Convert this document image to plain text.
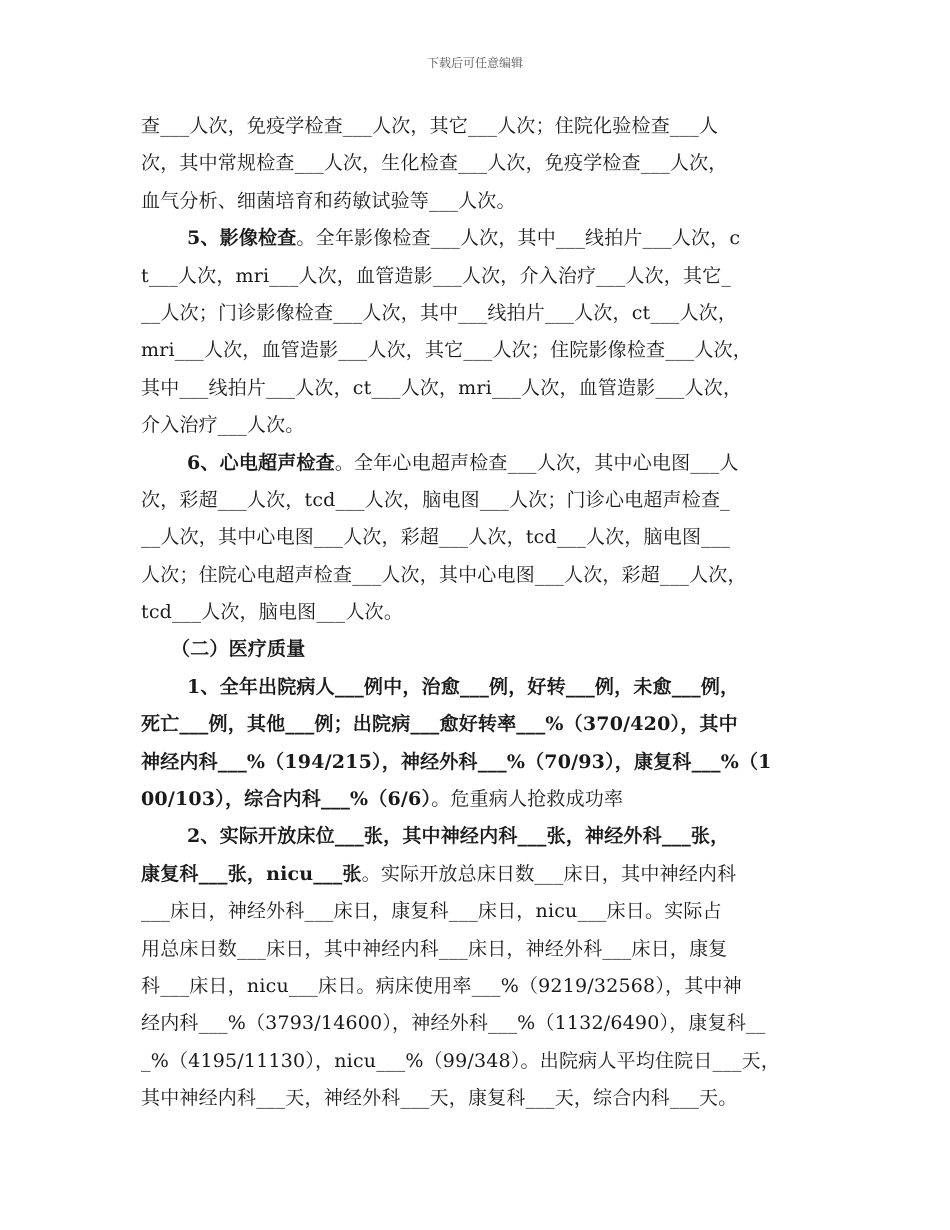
下载后可任意编辑
查___人次，免疫学检查___人次，其它___人次；住院化验检查___人
次，其中常规检查___人次，生化检查___人次，免疫学检查___人次，
血气分析、细菌培育和药敏试验等___人次。
5、影像检查。全年影像检查___人次，其中___线拍片___人次，c
t___人次，mri___人次，血管造影___人次，介入治疗___人次，其它_
__人次；门诊影像检查___人次，其中___线拍片___人次，ct___人次，
mri___人次，血管造影___人次，其它___人次；住院影像检查___人次，
其中___线拍片___人次，ct___人次，mri___人次，血管造影___人次，
介入治疗___人次。
6、心电超声检查。全年心电超声检查___人次，其中心电图___人
次，彩超___人次，tcd___人次，脑电图___人次；门诊心电超声检查_
__人次，其中心电图___人次，彩超___人次，tcd___人次，脑电图___
人次；住院心电超声检查___人次，其中心电图___人次，彩超___人次，
tcd___人次，脑电图___人次。
（二）医疗质量
1、全年出院病人___例中，治愈___例，好转___例，未愈___例，
死亡___例，其他___例；出院病___愈好转率___%（370/420），其中
神经内科___%（194/215），神经外科___%（70/93），康复科___%（1
00/103），综合内科___%（6/6）。危重病人抢救成功率
2、实际开放床位___张，其中神经内科___张，神经外科___张，
康复科___张，nicu___张。实际开放总床日数___床日，其中神经内科
___床日，神经外科___床日，康复科___床日，nicu___床日。实际占
用总床日数___床日，其中神经内科___床日，神经外科___床日，康复
科___床日，nicu___床日。病床使用率___%（9219/32568），其中神
经内科___%（3793/14600），神经外科___%（1132/6490），康复科__
_%（4195/11130），nicu___%（99/348）。出院病人平均住院日___天，
其中神经内科___天，神经外科___天，康复科___天，综合内科___天。
